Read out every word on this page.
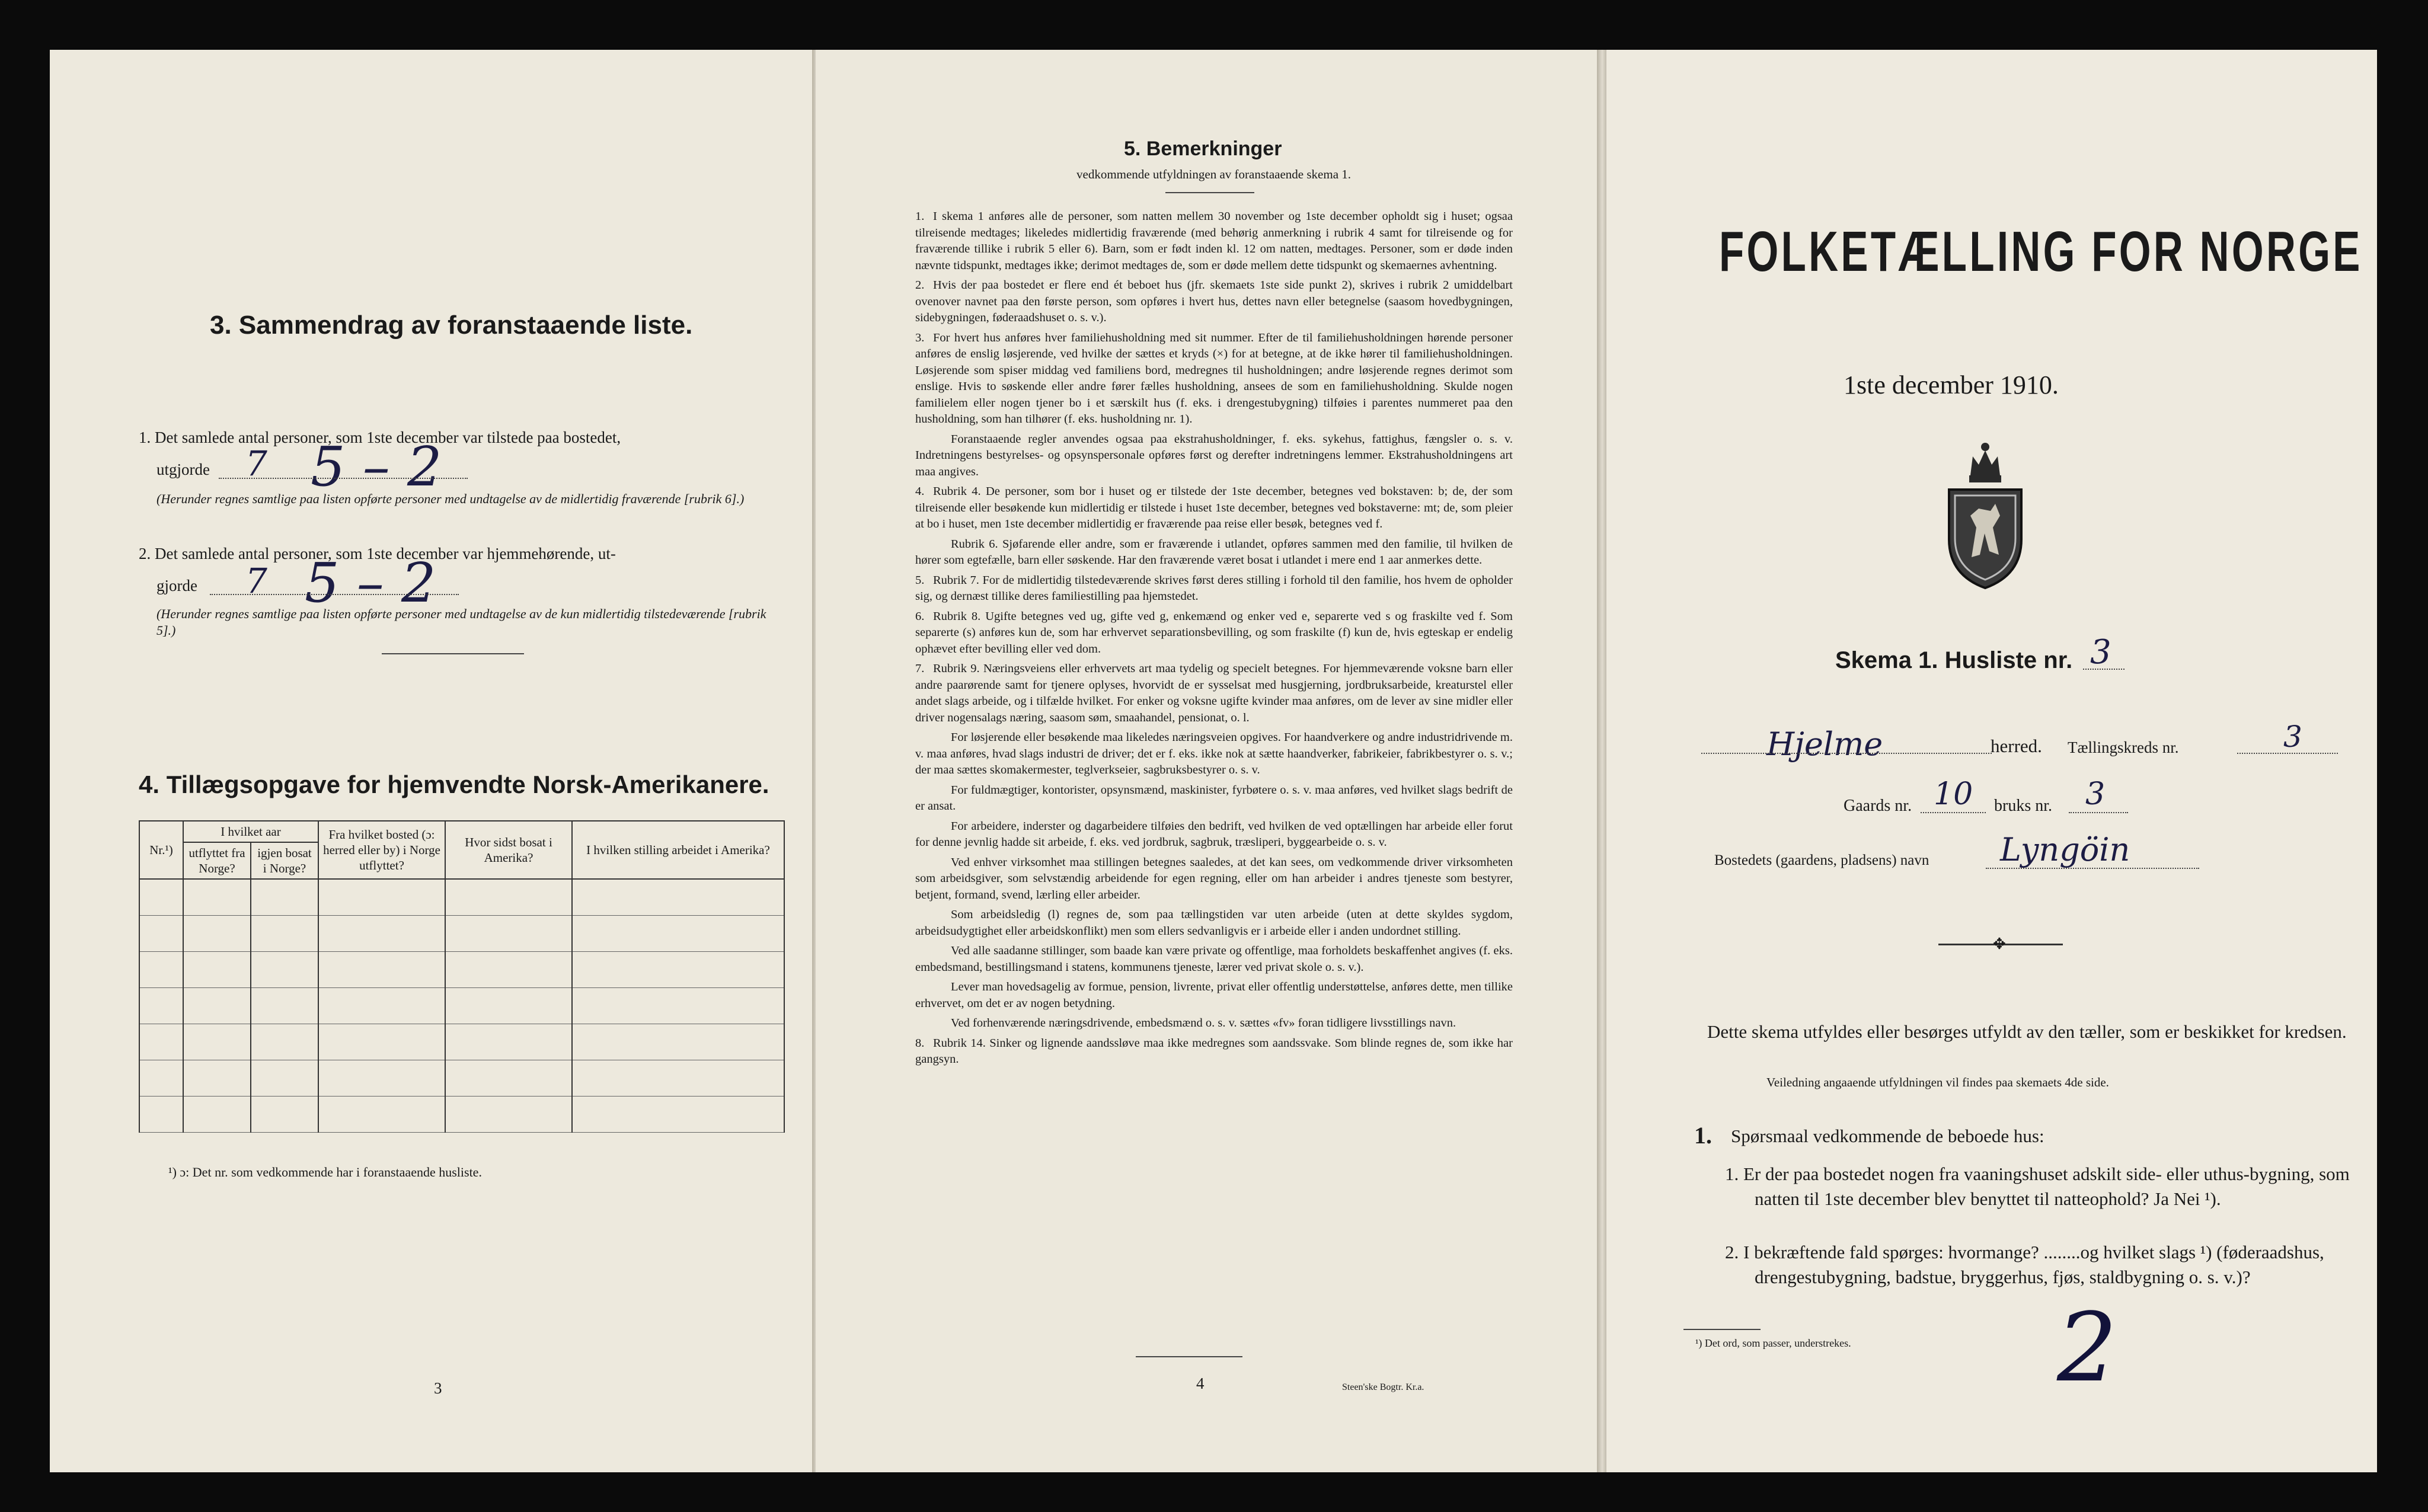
3. Sammendrag av foranstaaende liste.
1. Det samlede antal personer, som 1ste december var tilstede paa bostedet,
utgjorde 7 5 – 2
(Herunder regnes samtlige paa listen opførte personer med undtagelse av de midlertidig fraværende [rubrik 6].)
2. Det samlede antal personer, som 1ste december var hjemmehørende, ut-
gjorde 7 5 – 2
(Herunder regnes samtlige paa listen opførte personer med undtagelse av de kun midlertidig tilstedeværende [rubrik 5].)
4. Tillægsopgave for hjemvendte Norsk-Amerikanere.
Nr.¹)	I hvilket aar		Fra hvilket bosted (ɔ: herred eller by) i Norge utflyttet?	Hvor sidst bosat i Amerika?	I hvilken stilling arbeidet i Amerika?
	utflyttet fra Norge?	igjen bosat i Norge?			

¹) ɔ: Det nr. som vedkommende har i foranstaaende husliste.
3
5. Bemerkninger
vedkommende utfyldningen av foranstaaende skema 1.

1. I skema 1 anføres alle de personer, som natten mellem 30 november og 1ste december opholdt sig i huset; ogsaa tilreisende medtages; likeledes midlertidig fraværende (med behørig anmerkning i rubrik 4 samt for tilreisende og for fraværende tillike i rubrik 5 eller 6). Barn, som er født inden kl. 12 om natten, medtages. Personer, som er døde inden nævnte tidspunkt, medtages ikke; derimot medtages de, som er døde mellem dette tidspunkt og skemaernes avhentning.

2. Hvis der paa bostedet er flere end ét beboet hus (jfr. skemaets 1ste side punkt 2), skrives i rubrik 2 umiddelbart ovenover navnet paa den første person, som opføres i hvert hus, dettes navn eller betegnelse (saasom hovedbygningen, sidebygningen, føderaadshuset o. s. v.).

3. For hvert hus anføres hver familiehusholdning med sit nummer. Efter de til familiehusholdningen hørende personer anføres de enslig løsjerende, ved hvilke der sættes et kryds (×) for at betegne, at de ikke hører til familiehusholdningen. Løsjerende som spiser middag ved familiens bord, medregnes til husholdningen; andre løsjerende regnes derimot som enslige. Hvis to søskende eller andre fører fælles husholdning, ansees de som en familiehusholdning. Skulde nogen familielem eller nogen tjener bo i et særskilt hus (f. eks. i drengestubygning) tilføies i parentes nummeret paa den husholdning, som han tilhører (f. eks. husholdning nr. 1).

Foranstaaende regler anvendes ogsaa paa ekstrahusholdninger, f. eks. sykehus, fattighus, fængsler o. s. v. Indretningens bestyrelses- og opsynspersonale opføres først og derefter indretningens lemmer. Ekstrahusholdningens art maa angives.

4. Rubrik 4. De personer, som bor i huset og er tilstede der 1ste december, betegnes ved bokstaven: b; de, der som tilreisende eller besøkende kun midlertidig er tilstede i huset 1ste december, betegnes ved bokstaverne: mt; de, som pleier at bo i huset, men 1ste december midlertidig er fraværende paa reise eller besøk, betegnes ved f.

Rubrik 6. Sjøfarende eller andre, som er fraværende i utlandet, opføres sammen med den familie, til hvilken de hører som egtefælle, barn eller søskende. Har den fraværende været bosat i utlandet i mere end 1 aar anmerkes dette.

5. Rubrik 7. For de midlertidig tilstedeværende skrives først deres stilling i forhold til den familie, hos hvem de opholder sig, og dernæst tillike deres familiestilling paa hjemstedet.

6. Rubrik 8. Ugifte betegnes ved ug, gifte ved g, enkemænd og enker ved e, separerte ved s og fraskilte ved f. Som separerte (s) anføres kun de, som har erhvervet separationsbevilling, og som fraskilte (f) kun de, hvis egteskap er endelig ophævet efter bevilling eller ved dom.

7. Rubrik 9. Næringsveiens eller erhvervets art maa tydelig og specielt betegnes. For hjemmeværende voksne barn eller andre paarørende samt for tjenere oplyses, hvorvidt de er sysselsat med husgjerning, jordbruksarbeide, kreaturstel eller andet slags arbeide, og i tilfælde hvilket. For enker og voksne ugifte kvinder maa anføres, om de lever av sine midler eller driver nogensalags næring, saasom søm, smaahandel, pensionat, o. l.

For løsjerende eller besøkende maa likeledes næringsveien opgives. For haandverkere og andre industridrivende m. v. maa anføres, hvad slags industri de driver; det er f. eks. ikke nok at sætte haandverker, fabrikeier, fabrikbestyrer o. s. v.; der maa sættes skomakermester, teglverkseier, sagbruksbestyrer o. s. v.

For fuldmægtiger, kontorister, opsynsmænd, maskinister, fyrbøtere o. s. v. maa anføres, ved hvilket slags bedrift de er ansat.

For arbeidere, inderster og dagarbeidere tilføies den bedrift, ved hvilken de ved optællingen har arbeide eller forut for denne jevnlig hadde sit arbeide, f. eks. ved jordbruk, sagbruk, træsliperi, byggearbeide o. s. v.

Ved enhver virksomhet maa stillingen betegnes saaledes, at det kan sees, om vedkommende driver virksomheten som arbeidsgiver, som selvstændig arbeidende for egen regning, eller om han arbeider i andres tjeneste som bestyrer, betjent, formand, svend, lærling eller arbeider.

Som arbeidsledig (l) regnes de, som paa tællingstiden var uten arbeide (uten at dette skyldes sygdom, arbeidsudygtighet eller arbeidskonflikt) men som ellers sedvanligvis er i arbeide eller i anden undordnet stilling.

Ved alle saadanne stillinger, som baade kan være private og offentlige, maa forholdets beskaffenhet angives (f. eks. embedsmand, bestillingsmand i statens, kommunens tjeneste, lærer ved privat skole o. s. v.).

Lever man hovedsagelig av formue, pension, livrente, privat eller offentlig understøttelse, anføres dette, men tillike erhvervet, om det er av nogen betydning.

Ved forhenværende næringsdrivende, embedsmænd o. s. v. sættes «fv» foran tidligere livsstillings navn.

8. Rubrik 14. Sinker og lignende aandssløve maa ikke medregnes som aandssvake. Som blinde regnes de, som ikke har gangsyn.

4	Steen'ske Bogtr. Kr.a.
FOLKETÆLLING FOR NORGE
1ste december 1910.
Skema 1. Husliste nr. 3
Hjelme	herred. Tællingskreds nr.	3
Gaards nr. 10 bruks nr. 3
Bostedets (gaardens, pladsens) navn Lyngöin
✥
Dette skema utfyldes eller besørges utfyldt av den tæller, som er beskikket for kredsen.
Veiledning angaaende utfyldningen vil findes paa skemaets 4de side.
1. Spørsmaal vedkommende de beboede hus:
1. Er der paa bostedet nogen fra vaaningshuset adskilt side- eller uthus-bygning, som natten til 1ste december blev benyttet til natteophold? Ja Nei ¹).
2. I bekræftende fald spørges: hvormange? ........og hvilket slags ¹) (føderaadshus, drengestubygning, badstue, bryggerhus, fjøs, staldbygning o. s. v.)?
¹) Det ord, som passer, understrekes. 2
